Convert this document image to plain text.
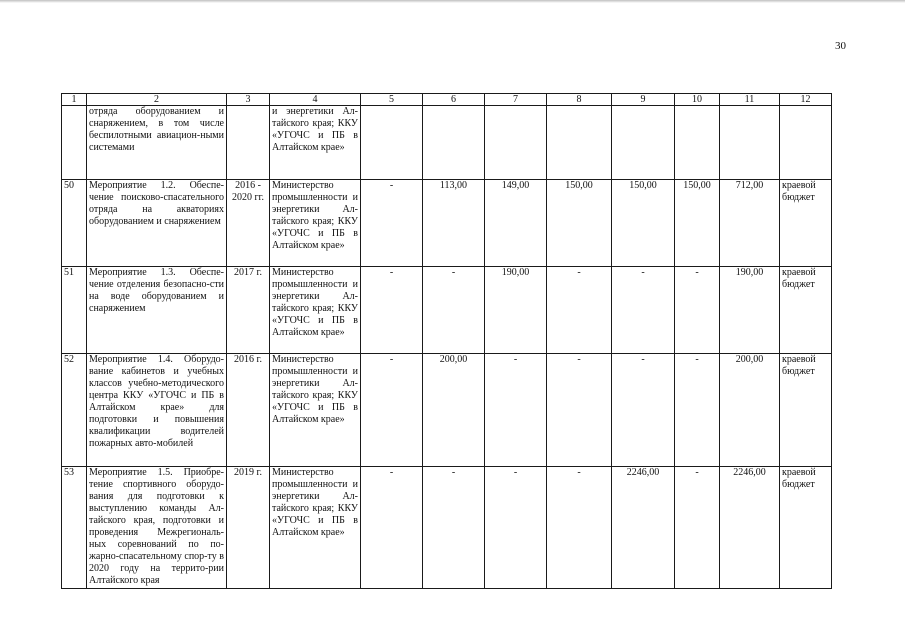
30
1	2	3	4	5	6	7	8	9	10	11	12
	отряда оборудованием и снаряжением, в том числе беспилотными авиацион-ными системами		и энергетики Ал-тайского края; ККУ «УГОЧС и ПБ в Алтайском крае»								
50	Мероприятие 1.2. Обеспе-чение поисково-спасательного отряда на акваториях оборудованием и снаряжением	2016 - 2020 гг.	Министерство промышленности и энергетики Ал-тайского края; ККУ «УГОЧС и ПБ в Алтайском крае»	-	113,00	149,00	150,00	150,00	150,00	712,00	краевой бюджет
51	Мероприятие 1.3. Обеспе-чение отделения безопасно-сти на воде оборудованием и снаряжением	2017 г.	Министерство промышленности и энергетики Ал-тайского края; ККУ «УГОЧС и ПБ в Алтайском крае»	-	-	190,00	-	-	-	190,00	краевой бюджет
52	Мероприятие 1.4. Оборудо-вание кабинетов и учебных классов учебно-методического центра ККУ «УГОЧС и ПБ в Алтайском крае» для подготовки и повышения квалификации водителей пожарных авто-мобилей	2016 г.	Министерство промышленности и энергетики Ал-тайского края; ККУ «УГОЧС и ПБ в Алтайском крае»	-	200,00	-	-	-	-	200,00	краевой бюджет
53	Мероприятие 1.5. Приобре-тение спортивного оборудо-вания для подготовки к выступлению команды Ал-тайского края, подготовки и проведения Межрегиональ-ных соревнований по по-жарно-спасательному спор-ту в 2020 году на террито-рии Алтайского края	2019 г.	Министерство промышленности и энергетики Ал-тайского края; ККУ «УГОЧС и ПБ в Алтайском крае»	-	-	-	-	2246,00	-	2246,00	краевой бюджет
